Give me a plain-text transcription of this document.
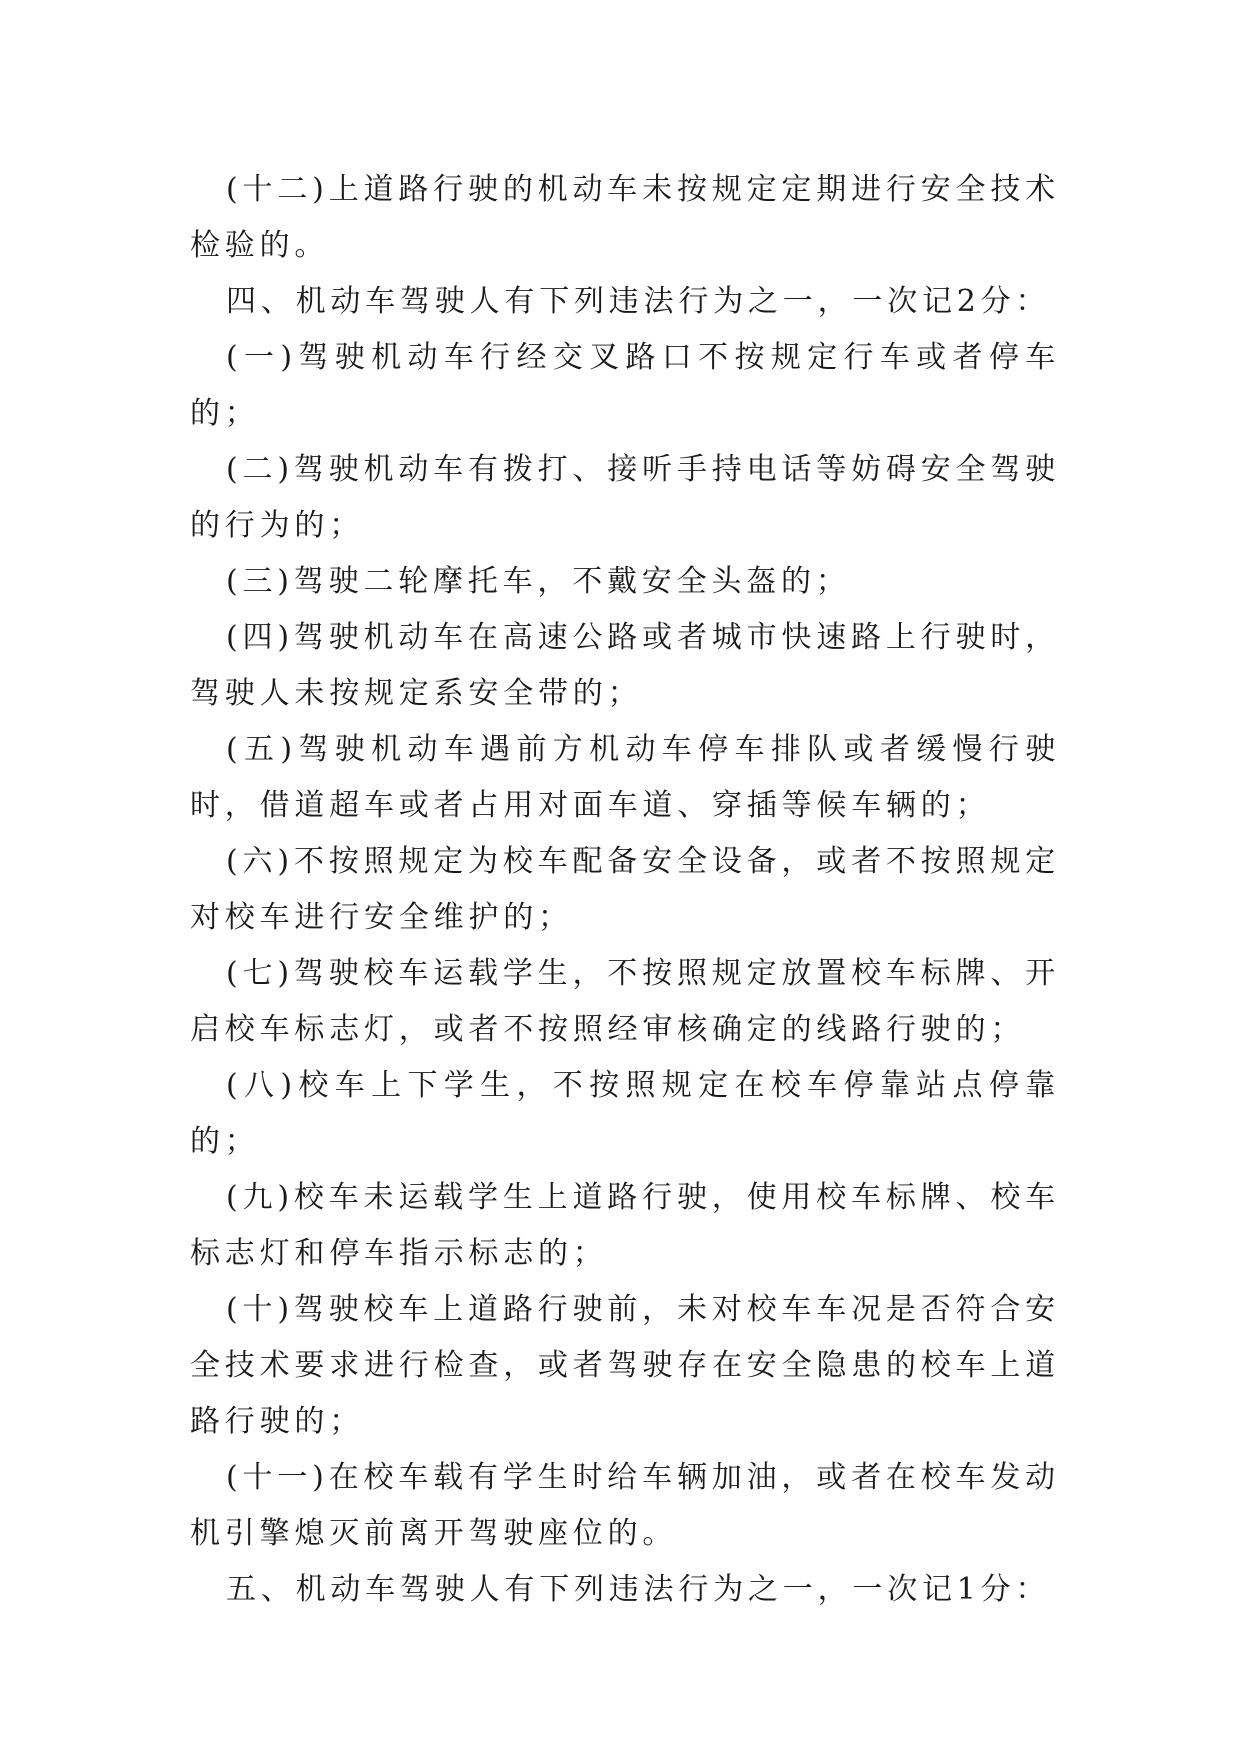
(十二)上道路行驶的机动车未按规定定期进行安全技术检验的。

四、机动车驾驶人有下列违法行为之一，一次记2分：

(一)驾驶机动车行经交叉路口不按规定行车或者停车的；

(二)驾驶机动车有拨打、接听手持电话等妨碍安全驾驶的行为的；

(三)驾驶二轮摩托车，不戴安全头盔的；

(四)驾驶机动车在高速公路或者城市快速路上行驶时，驾驶人未按规定系安全带的；

(五)驾驶机动车遇前方机动车停车排队或者缓慢行驶时，借道超车或者占用对面车道、穿插等候车辆的；

(六)不按照规定为校车配备安全设备，或者不按照规定对校车进行安全维护的；

(七)驾驶校车运载学生，不按照规定放置校车标牌、开启校车标志灯，或者不按照经审核确定的线路行驶的；

(八)校车上下学生，不按照规定在校车停靠站点停靠的；

(九)校车未运载学生上道路行驶，使用校车标牌、校车标志灯和停车指示标志的；

(十)驾驶校车上道路行驶前，未对校车车况是否符合安全技术要求进行检查，或者驾驶存在安全隐患的校车上道路行驶的；

(十一)在校车载有学生时给车辆加油，或者在校车发动机引擎熄灭前离开驾驶座位的。

五、机动车驾驶人有下列违法行为之一，一次记1分：
